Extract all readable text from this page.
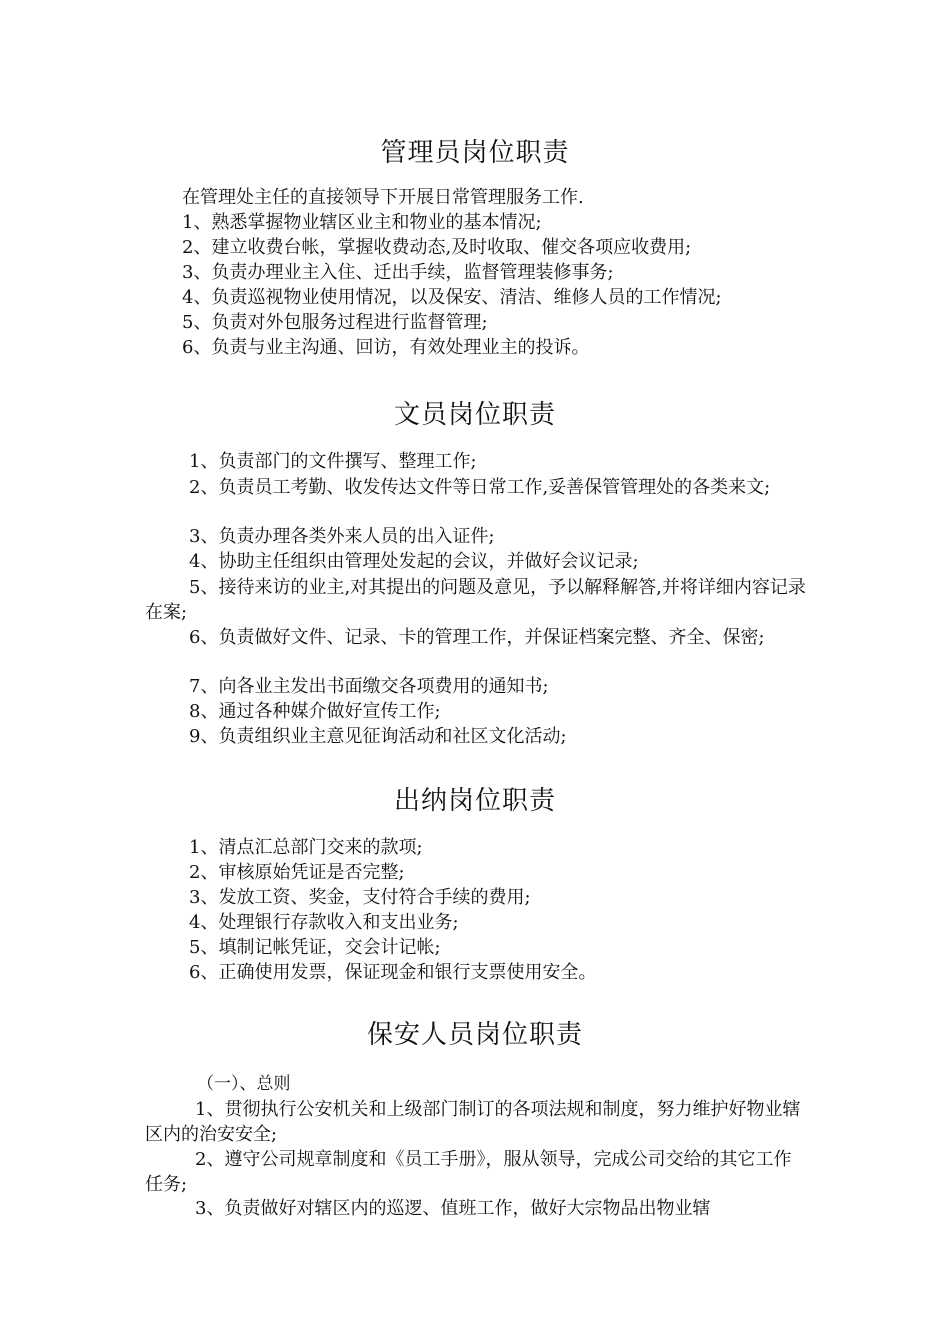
管理员岗位职责

在管理处主任的直接领导下开展日常管理服务工作.

1、熟悉掌握物业辖区业主和物业的基本情况;

2、建立收费台帐，掌握收费动态,及时收取、催交各项应收费用;

3、负责办理业主入住、迁出手续，监督管理装修事务;

4、负责巡视物业使用情况，以及保安、清洁、维修人员的工作情况;

5、负责对外包服务过程进行监督管理;

6、负责与业主沟通、回访，有效处理业主的投诉。

文员岗位职责

1、负责部门的文件撰写、整理工作;

2、负责员工考勤、收发传达文件等日常工作,妥善保管管理处的各类来文;

3、负责办理各类外来人员的出入证件;

4、协助主任组织由管理处发起的会议，并做好会议记录;

5、接待来访的业主,对其提出的问题及意见，予以解释解答,并将详细内容记录在案;

6、负责做好文件、记录、卡的管理工作，并保证档案完整、齐全、保密;

7、向各业主发出书面缴交各项费用的通知书;

8、通过各种媒介做好宣传工作;

9、负责组织业主意见征询活动和社区文化活动;

出纳岗位职责

1、清点汇总部门交来的款项;

2、审核原始凭证是否完整;

3、发放工资、奖金，支付符合手续的费用;

4、处理银行存款收入和支出业务;

5、填制记帐凭证，交会计记帐;

6、正确使用发票，保证现金和银行支票使用安全。

保安人员岗位职责

（一）、总则

1、贯彻执行公安机关和上级部门制订的各项法规和制度，努力维护好物业辖区内的治安安全;

2、遵守公司规章制度和《员工手册》，服从领导，完成公司交给的其它工作任务;

3、负责做好对辖区内的巡逻、值班工作，做好大宗物品出物业辖
